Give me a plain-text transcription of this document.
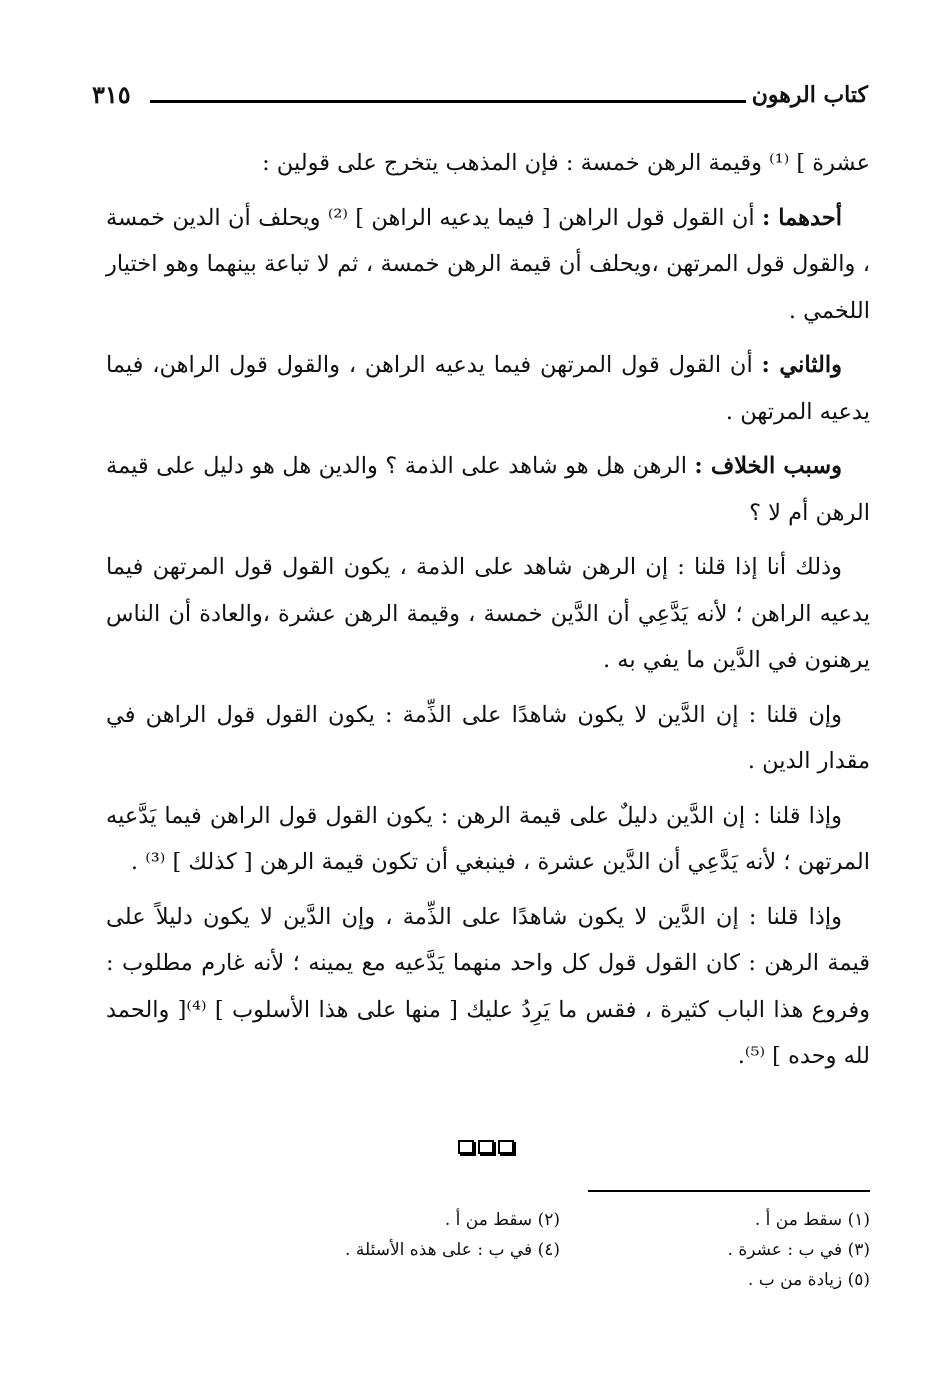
كتاب الرهون
٣١٥

عشرة ] ⁽¹⁾ وقيمة الرهن خمسة : فإن المذهب يتخرج على قولين :

أحدهما : أن القول قول الراهن [ فيما يدعيه الراهن ] ⁽²⁾ ويحلف أن الدين خمسة ، والقول قول المرتهن ،ويحلف أن قيمة الرهن خمسة ، ثم لا تباعة بينهما وهو اختيار اللخمي .

والثاني : أن القول قول المرتهن فيما يدعيه الراهن ، والقول قول الراهن، فيما يدعيه المرتهن .

وسبب الخلاف : الرهن هل هو شاهد على الذمة ؟ والدين هل هو دليل على قيمة الرهن أم لا ؟

وذلك أنا إذا قلنا : إن الرهن شاهد على الذمة ، يكون القول قول المرتهن فيما يدعيه الراهن ؛ لأنه يَدَّعِي أن الدَّين خمسة ، وقيمة الرهن عشرة ،والعادة أن الناس يرهنون في الدَّين ما يفي به .

وإن قلنا : إن الدَّين لا يكون شاهدًا على الذِّمة : يكون القول قول الراهن في مقدار الدين .

وإذا قلنا : إن الدَّين دليلٌ على قيمة الرهن : يكون القول قول الراهن فيما يَدَّعيه المرتهن ؛ لأنه يَدَّعِي أن الدَّين عشرة ، فينبغي أن تكون قيمة الرهن [ كذلك ] ⁽³⁾ .

وإذا قلنا : إن الدَّين لا يكون شاهدًا على الذِّمة ، وإن الدَّين لا يكون دليلاً على قيمة الرهن : كان القول قول كل واحد منهما يَدَّعيه مع يمينه ؛ لأنه غارم مطلوب : وفروع هذا الباب كثيرة ، فقس ما يَرِدُ عليك [ منها على هذا الأسلوب ] ⁽⁴⁾[ والحمد لله وحده ] ⁽⁵⁾.

(١) سقط من أ .
(٢) سقط من أ .
(٣) في ب : عشرة .
(٤) في ب : على هذه الأسئلة .
(٥) زيادة من ب .
